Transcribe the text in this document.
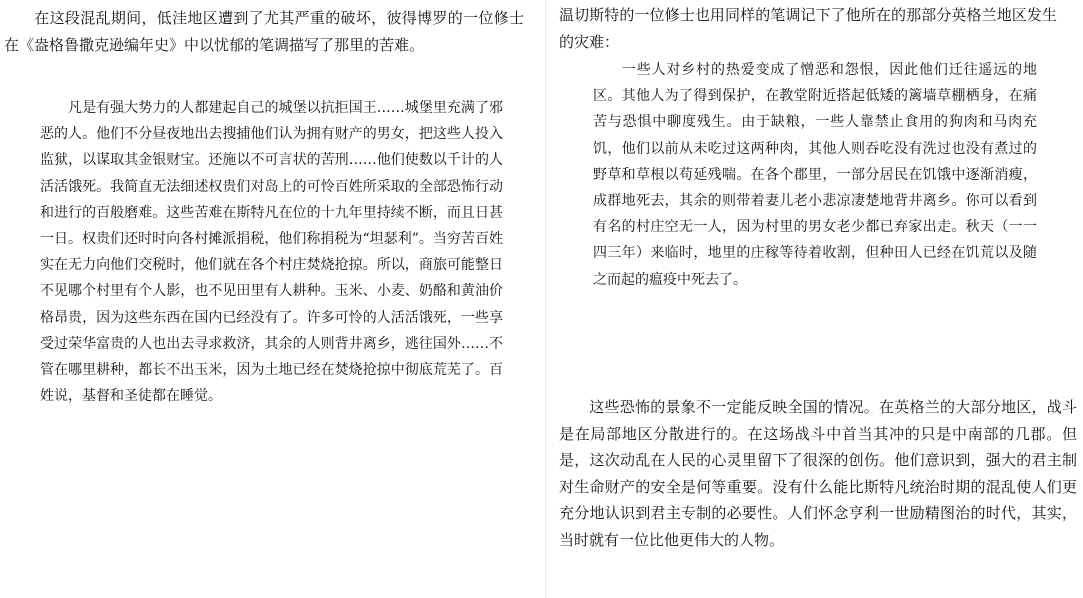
在这段混乱期间，低洼地区遭到了尤其严重的破坏，彼得博罗的一位修士在《盎格鲁撒克逊编年史》中以忧郁的笔调描写了那里的苦难。

凡是有强大势力的人都建起自己的城堡以抗拒国王……城堡里充满了邪恶的人。他们不分昼夜地出去搜捕他们认为拥有财产的男女，把这些人投入监狱，以谋取其金银财宝。还施以不可言状的苦刑……他们使数以千计的人活活饿死。我简直无法细述权贵们对岛上的可怜百姓所采取的全部恐怖行动和进行的百般磨难。这些苦难在斯特凡在位的十九年里持续不断，而且日甚一日。权贵们还时时向各村摊派捐税，他们称捐税为“坦瑟利”。当穷苦百姓实在无力向他们交税时，他们就在各个村庄焚烧抢掠。所以，商旅可能整日不见哪个村里有个人影，也不见田里有人耕种。玉米、小麦、奶酪和黄油价格昂贵，因为这些东西在国内已经没有了。许多可怜的人活活饿死，一些享受过荣华富贵的人也出去寻求救济，其余的人则背井离乡，逃往国外……不管在哪里耕种，都长不出玉米，因为土地已经在焚烧抢掠中彻底荒芜了。百姓说，基督和圣徒都在睡觉。

温切斯特的一位修士也用同样的笔调记下了他所在的那部分英格兰地区发生的灾难：

一些人对乡村的热爱变成了憎恶和怨恨，因此他们迁往遥远的地区。其他人为了得到保护，在教堂附近搭起低矮的篱墙草棚栖身，在痛苦与恐惧中聊度残生。由于缺粮，一些人靠禁止食用的狗肉和马肉充饥，他们以前从未吃过这两种肉，其他人则吞吃没有洗过也没有煮过的野草和草根以苟延残喘。在各个郡里，一部分居民在饥饿中逐渐消瘦，成群地死去，其余的则带着妻儿老小悲凉凄楚地背井离乡。你可以看到有名的村庄空无一人，因为村里的男女老少都已弃家出走。秋天（一一四三年）来临时，地里的庄稼等待着收割，但种田人已经在饥荒以及随之而起的瘟疫中死去了。

这些恐怖的景象不一定能反映全国的情况。在英格兰的大部分地区，战斗是在局部地区分散进行的。在这场战斗中首当其冲的只是中南部的几郡。但是，这次动乱在人民的心灵里留下了很深的创伤。他们意识到，强大的君主制对生命财产的安全是何等重要。没有什么能比斯特凡统治时期的混乱使人们更充分地认识到君主专制的必要性。人们怀念亨利一世励精图治的时代，其实，当时就有一位比他更伟大的人物。
